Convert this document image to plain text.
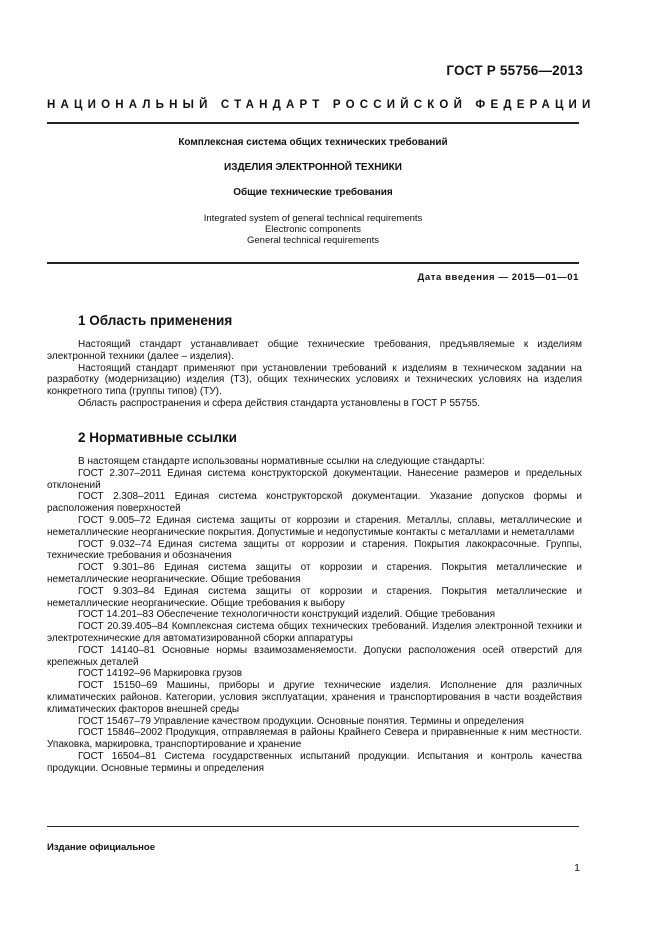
ГОСТ Р 55756—2013
НАЦИОНАЛЬНЫЙ СТАНДАРТ РОССИЙСКОЙ ФЕДЕРАЦИИ
Комплексная система общих технических требований
ИЗДЕЛИЯ ЭЛЕКТРОННОЙ ТЕХНИКИ
Общие технические требования
Integrated system of general technical requirements
Electronic components
General technical requirements
Дата введения — 2015—01—01
1 Область применения

Настоящий стандарт устанавливает общие технические требования, предъявляемые к изделиям электронной техники (далее – изделия).

Настоящий стандарт применяют при установлении требований к изделиям в техническом задании на разработку (модернизацию) изделия (ТЗ), общих технических условиях и технических условиях на изделия конкретного типа (группы типов) (ТУ).

Область распространения и сфера действия стандарта установлены в ГОСТ Р 55755.

2 Нормативные ссылки

В настоящем стандарте использованы нормативные ссылки на следующие стандарты:

ГОСТ 2.307–2011 Единая система конструкторской документации. Нанесение размеров и предельных отклонений

ГОСТ 2.308–2011 Единая система конструкторской документации. Указание допусков формы и расположения поверхностей

ГОСТ 9.005–72 Единая система защиты от коррозии и старения. Металлы, сплавы, металлические и неметаллические неорганические покрытия. Допустимые и недопустимые контакты с металлами и неметаллами

ГОСТ 9.032–74 Единая система защиты от коррозии и старения. Покрытия лакокрасочные. Группы, технические требования и обозначения

ГОСТ 9.301–86 Единая система защиты от коррозии и старения. Покрытия металлические и неметаллические неорганические. Общие требования

ГОСТ 9.303–84 Единая система защиты от коррозии и старения. Покрытия металлические и неметаллические неорганические. Общие требования к выбору

ГОСТ 14.201–83 Обеспечение технологичности конструкций изделий. Общие требования

ГОСТ 20.39.405–84 Комплексная система общих технических требований. Изделия электронной техники и электротехнические для автоматизированной сборки аппаратуры

ГОСТ 14140–81 Основные нормы взаимозаменяемости. Допуски расположения осей отверстий для крепежных деталей

ГОСТ 14192–96 Маркировка грузов

ГОСТ 15150–69 Машины, приборы и другие технические изделия. Исполнение для различных климатических районов. Категории, условия эксплуатации, хранения и транспортирования в части воздействия климатических факторов внешней среды

ГОСТ 15467–79 Управление качеством продукции. Основные понятия. Термины и определения

ГОСТ 15846–2002 Продукция, отправляемая в районы Крайнего Севера и приравненные к ним местности. Упаковка, маркировка, транспортирование и хранение

ГОСТ 16504–81 Система государственных испытаний продукции. Испытания и контроль качества продукции. Основные термины и определения

Издание официальное
1
